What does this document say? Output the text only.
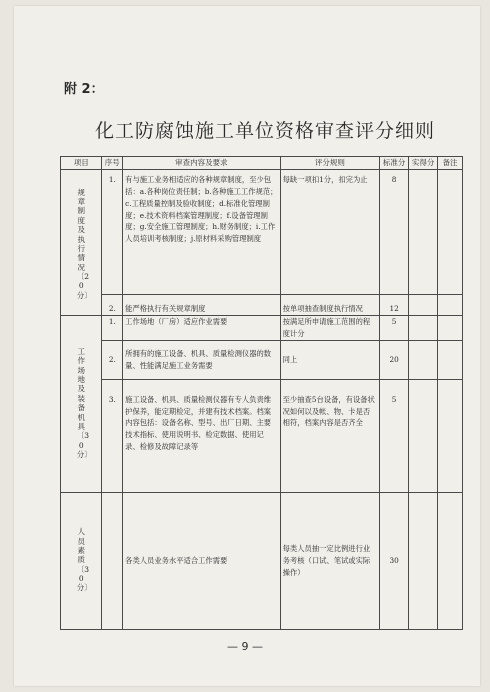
附 2：
化工防腐蚀施工单位资格审查评分细则
项目	序号	审查内容及要求	评分规则	标准分	实得分	备注
规章制度及执行情况〔20分〕	1.	有与施工业务相适应的各种规章制度，至少包括：a.各种岗位责任制；b.各种施工工作规范；c.工程质量控制及验收制度；d.标准化管理制度；e.技术资料档案管理制度；f.设备管理制度；g.安全施工管理制度；h.财务制度；i.工作人员培训考核制度；j.原材料采购管理制度	每缺一项扣1分，扣完为止	8		
	2.	能严格执行有关规章制度	按单项抽查制度执行情况	12		
工作场地及装备机具〔30分〕	1.	工作场地（厂房）适应作业需要	按满足所申请施工范围的程度计分	5		
	2.	所拥有的施工设备、机具、质量检测仪器的数量、性能满足施工业务需要	同上	20		
	3.	施工设备、机具、质量检测仪器有专人负责维护保养，能定期检定，并建有技术档案。档案内容包括：设备名称、型号、出厂日期、主要技术指标、使用说明书、检定数据、使用记录、检修及故障记录等	至少抽查5台设备，有设备状况如何以及帐、物、卡是否相符，档案内容是否齐全	5		
人员素质〔30分〕		各类人员业务水平适合工作需要	每类人员抽一定比例进行业务考核（口试、笔试或实际操作）	30		
— 9 —
